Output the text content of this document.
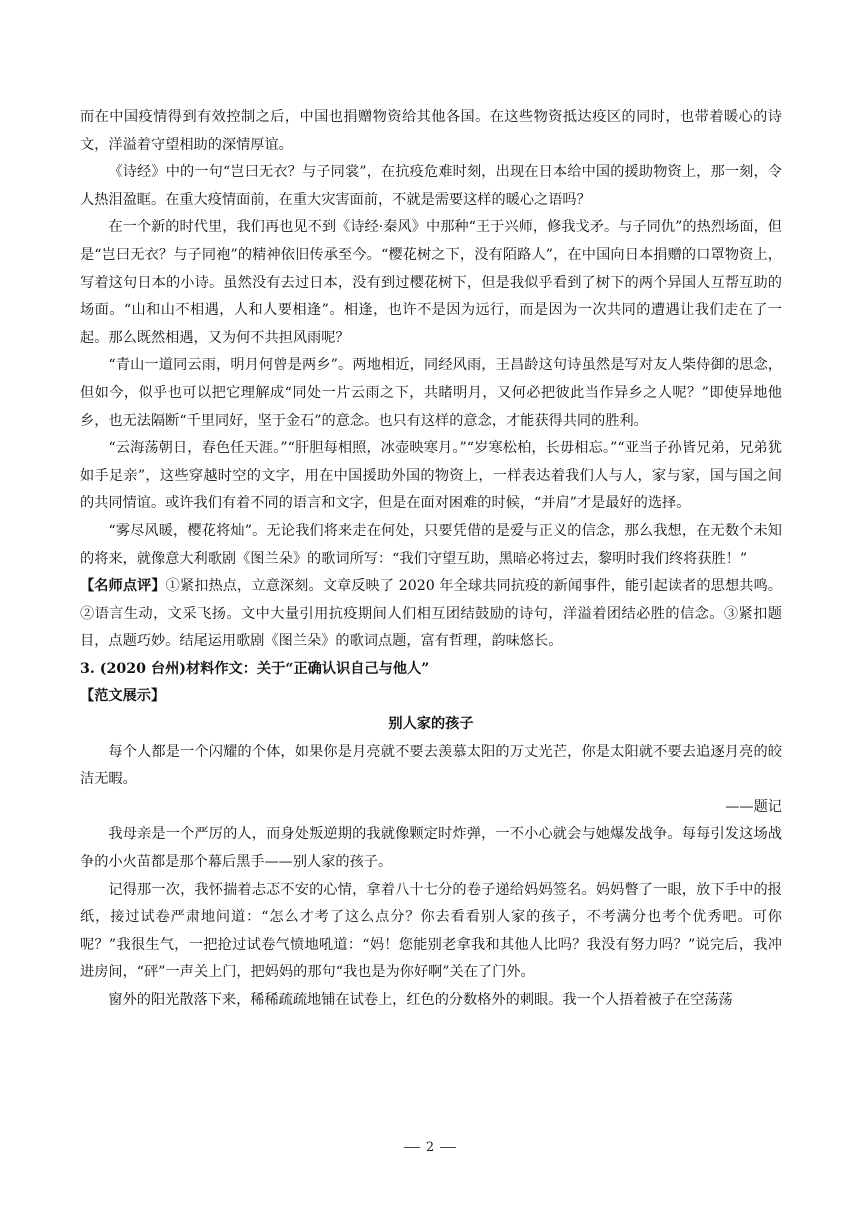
而在中国疫情得到有效控制之后，中国也捐赠物资给其他各国。在这些物资抵达疫区的同时，也带着暖心的诗文，洋溢着守望相助的深情厚谊。

《诗经》中的一句“岂曰无衣？与子同裳”，在抗疫危难时刻，出现在日本给中国的援助物资上，那一刻，令人热泪盈眶。在重大疫情面前，在重大灾害面前，不就是需要这样的暖心之语吗？

在一个新的时代里，我们再也见不到《诗经·秦风》中那种“王于兴师，修我戈矛。与子同仇”的热烈场面，但是“岂曰无衣？与子同袍”的精神依旧传承至今。“樱花树之下，没有陌路人”，在中国向日本捐赠的口罩物资上，写着这句日本的小诗。虽然没有去过日本，没有到过樱花树下，但是我似乎看到了树下的两个异国人互帮互助的场面。“山和山不相遇，人和人要相逢”。相逢，也许不是因为远行，而是因为一次共同的遭遇让我们走在了一起。那么既然相遇，又为何不共担风雨呢？

“青山一道同云雨，明月何曾是两乡”。两地相近，同经风雨，王昌龄这句诗虽然是写对友人柴侍御的思念，但如今，似乎也可以把它理解成“同处一片云雨之下，共睹明月，又何必把彼此当作异乡之人呢？”即使异地他乡，也无法隔断“千里同好，坚于金石”的意念。也只有这样的意念，才能获得共同的胜利。

“云海荡朝日，春色任天涯。”“肝胆每相照，冰壶映寒月。”“岁寒松柏，长毋相忘。”“亚当子孙皆兄弟，兄弟犹如手足亲”，这些穿越时空的文字，用在中国援助外国的物资上，一样表达着我们人与人，家与家，国与国之间的共同情谊。或许我们有着不同的语言和文字，但是在面对困难的时候，“并肩”才是最好的选择。

“雾尽风暖，樱花将灿”。无论我们将来走在何处，只要凭借的是爱与正义的信念，那么我想，在无数个未知的将来，就像意大利歌剧《图兰朵》的歌词所写：“我们守望互助，黑暗必将过去，黎明时我们终将获胜！”

【名师点评】①紧扣热点，立意深刻。文章反映了 2020 年全球共同抗疫的新闻事件，能引起读者的思想共鸣。②语言生动，文采飞扬。文中大量引用抗疫期间人们相互团结鼓励的诗句，洋溢着团结必胜的信念。③紧扣题目，点题巧妙。结尾运用歌剧《图兰朵》的歌词点题，富有哲理，韵味悠长。

3. (2020 台州)材料作文：关于“正确认识自己与他人”

【范文展示】

别人家的孩子

每个人都是一个闪耀的个体，如果你是月亮就不要去羡慕太阳的万丈光芒，你是太阳就不要去追逐月亮的皎洁无暇。

——题记

我母亲是一个严厉的人，而身处叛逆期的我就像颗定时炸弹，一不小心就会与她爆发战争。每每引发这场战争的小火苗都是那个幕后黑手——别人家的孩子。

记得那一次，我怀揣着忐忑不安的心情，拿着八十七分的卷子递给妈妈签名。妈妈瞥了一眼，放下手中的报纸，接过试卷严肃地问道：“怎么才考了这么点分？你去看看别人家的孩子，不考满分也考个优秀吧。可你呢？”我很生气，一把抢过试卷气愤地吼道：“妈！您能别老拿我和其他人比吗？我没有努力吗？”说完后，我冲进房间，“砰”一声关上门，把妈妈的那句“我也是为你好啊”关在了门外。

窗外的阳光散落下来，稀稀疏疏地铺在试卷上，红色的分数格外的刺眼。我一个人捂着被子在空荡荡

2
